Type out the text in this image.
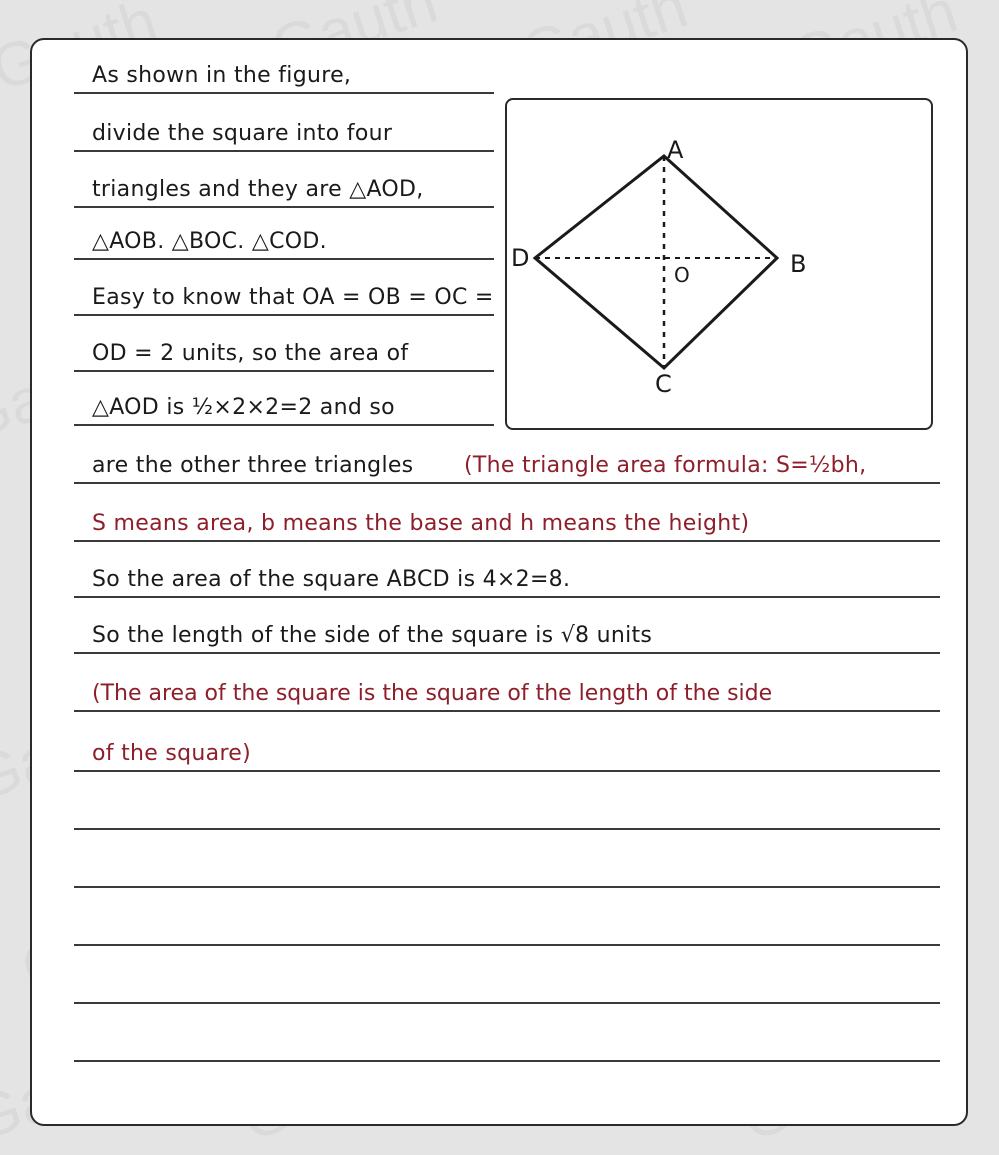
As shown in the figure,
divide the square into four
triangles and they are △AOD,
△AOB. △BOC. △COD.
Easy to know that OA = OB = OC =
OD = 2 units, so the area of
△AOD is ½×2×2=2 and so
are the other three triangles (The triangle area formula: S=½bh,
S means area, b means the base and h means the height)
So the area of the square ABCD is 4×2=8.
So the length of the side of the square is √8 units
(The area of the square is the square of the length of the side
of the square)
A
B
C
D
O
